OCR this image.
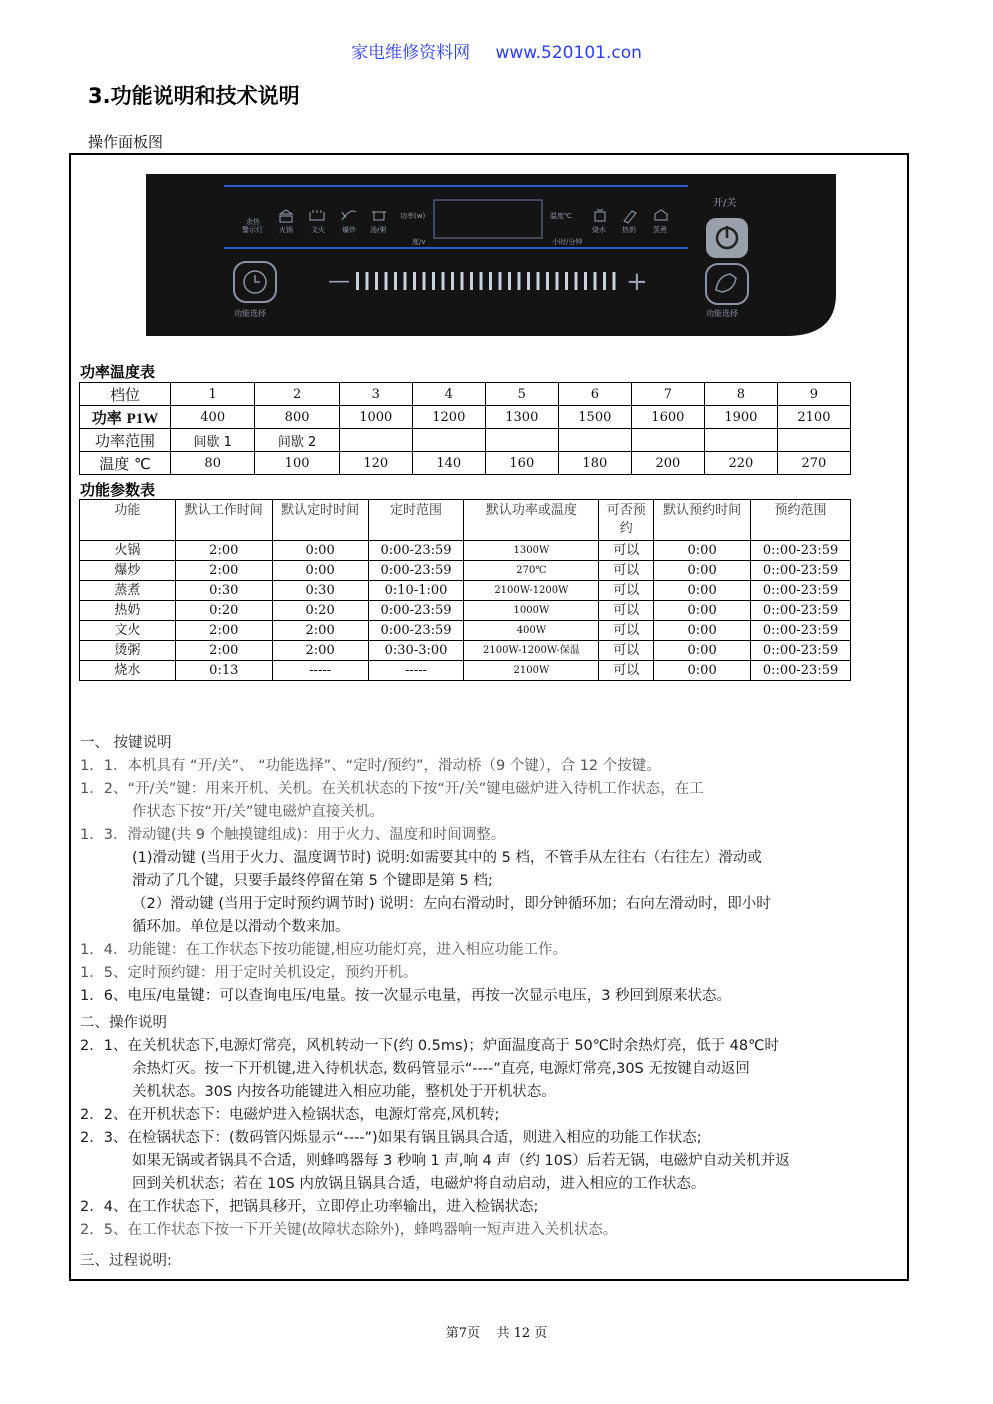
家电维修资料网 www.520101.con
3.功能说明和技术说明
操作面板图
余热
警示灯 火锅	文火 爆炒 汤/粥
功率(w)
度/v
温度℃
小时/分钟
烧水 热奶 蒸煮
—	+
功能选择
开/关
功能选择
功率温度表
档位	1	2	3	4	5	6	7	8	9
功率 P1W	400	800	1000	1200	1300	1500	1600	1900	2100
功率范围	间歇 1	间歇 2							
温度 ℃	80	100	120	140	160	180	200	220	270
功能参数表
功能	默认工作时间	默认定时时间	定时范围	默认功率或温度	可否预约	默认预约时间	预约范围
火锅	2:00	0:00	0:00-23:59	1300W	可以	0:00	0::00-23:59
爆炒	2:00	0:00	0:00-23:59	270℃	可以	0:00	0::00-23:59
蒸煮	0:30	0:30	0:10-1:00	2100W-1200W	可以	0:00	0::00-23:59
热奶	0:20	0:20	0:00-23:59	1000W	可以	0:00	0::00-23:59
文火	2:00	2:00	0:00-23:59	400W	可以	0:00	0::00-23:59
烫粥	2:00	2:00	0:30-3:00	2100W-1200W-保温	可以	0:00	0::00-23:59
烧水	0:13	-----	-----	2100W	可以	0:00	0::00-23:59

一、 按键说明

1．1．本机具有 “开/关”、 “功能选择”、“定时/预约”，滑动桥（9 个键），合 12 个按键。

1．2、“开/关”键：用来开机、关机。在关机状态的下按“开/关”键电磁炉进入待机工作状态，在工

作状态下按“开/关”键电磁炉直接关机。

1．3．滑动键(共 9 个触摸键组成)：用于火力、温度和时间调整。

(1)滑动键 (当用于火力、温度调节时) 说明:如需要其中的 5 档，不管手从左往右（右往左）滑动或

滑动了几个键，只要手最终停留在第 5 个键即是第 5 档;

（2）滑动键 (当用于定时预约调节时) 说明：左向右滑动时，即分钟循环加；右向左滑动时，即小时

循环加。单位是以滑动个数来加。

1．4．功能键：在工作状态下按功能键,相应功能灯亮，进入相应功能工作。

1．5、定时预约键：用于定时关机设定，预约开机。

1．6、电压/电量键：可以查询电压/电量。按一次显示电量，再按一次显示电压，3 秒回到原来状态。

二、操作说明

2．1、在关机状态下,电源灯常亮，风机转动一下(约 0.5ms)；炉面温度高于 50℃时余热灯亮，低于 48℃时

余热灯灭。按一下开机键,进入待机状态, 数码管显示“----”直亮, 电源灯常亮,30S 无按键自动返回

关机状态。30S 内按各功能键进入相应功能，整机处于开机状态。

2．2、在开机状态下：电磁炉进入检锅状态，电源灯常亮,风机转;

2．3、在检锅状态下：(数码管闪烁显示“----”)如果有锅且锅具合适，则进入相应的功能工作状态;

如果无锅或者锅具不合适，则蜂鸣器每 3 秒响 1 声,响 4 声（约 10S）后若无锅，电磁炉自动关机并返

回到关机状态；若在 10S 内放锅且锅具合适，电磁炉将自动启动，进入相应的工作状态。

2．4、在工作状态下，把锅具移开，立即停止功率输出，进入检锅状态;

2．5、在工作状态下按一下开关键(故障状态除外)，蜂鸣器响一短声进入关机状态。

三、过程说明:

第7页 共 12 页
